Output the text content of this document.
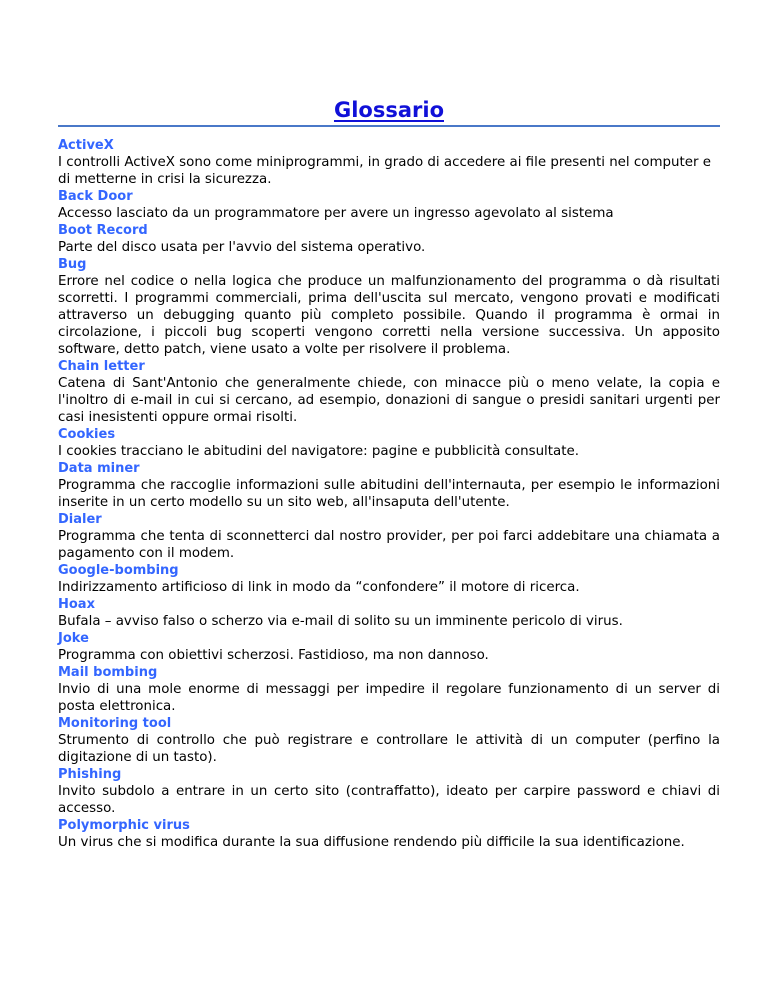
Glossario

ActiveX

I controlli ActiveX sono come miniprogrammi, in grado di accedere ai file presenti nel computer e di metterne in crisi la sicurezza.

Back Door

Accesso lasciato da un programmatore per avere un ingresso agevolato al sistema

Boot Record

Parte del disco usata per l'avvio del sistema operativo.

Bug

Errore nel codice o nella logica che produce un malfunzionamento del programma o dà risultati scorretti. I programmi commerciali, prima dell'uscita sul mercato, vengono provati e modificati attraverso un debugging quanto più completo possibile. Quando il programma è ormai in circolazione, i piccoli bug scoperti vengono corretti nella versione successiva. Un apposito software, detto patch, viene usato a volte per risolvere il problema.

Chain letter

Catena di Sant'Antonio che generalmente chiede, con minacce più o meno velate, la copia e l'inoltro di e-mail in cui si cercano, ad esempio, donazioni di sangue o presidi sanitari urgenti per casi inesistenti oppure ormai risolti.

Cookies

I cookies tracciano le abitudini del navigatore: pagine e pubblicità consultate.

Data miner

Programma che raccoglie informazioni sulle abitudini dell'internauta, per esempio le informazioni inserite in un certo modello su un sito web, all'insaputa dell'utente.

Dialer

Programma che tenta di sconnetterci dal nostro provider, per poi farci addebitare una chiamata a pagamento con il modem.

Google-bombing

Indirizzamento artificioso di link in modo da “confondere” il motore di ricerca.

Hoax

Bufala – avviso falso o scherzo via e-mail di solito su un imminente pericolo di virus.

Joke

Programma con obiettivi scherzosi. Fastidioso, ma non dannoso.

Mail bombing

Invio di una mole enorme di messaggi per impedire il regolare funzionamento di un server di posta elettronica.

Monitoring tool

Strumento di controllo che può registrare e controllare le attività di un computer (perfino la digitazione di un tasto).

Phishing

Invito subdolo a entrare in un certo sito (contraffatto), ideato per carpire password e chiavi di accesso.

Polymorphic virus

Un virus che si modifica durante la sua diffusione rendendo più difficile la sua identificazione.
